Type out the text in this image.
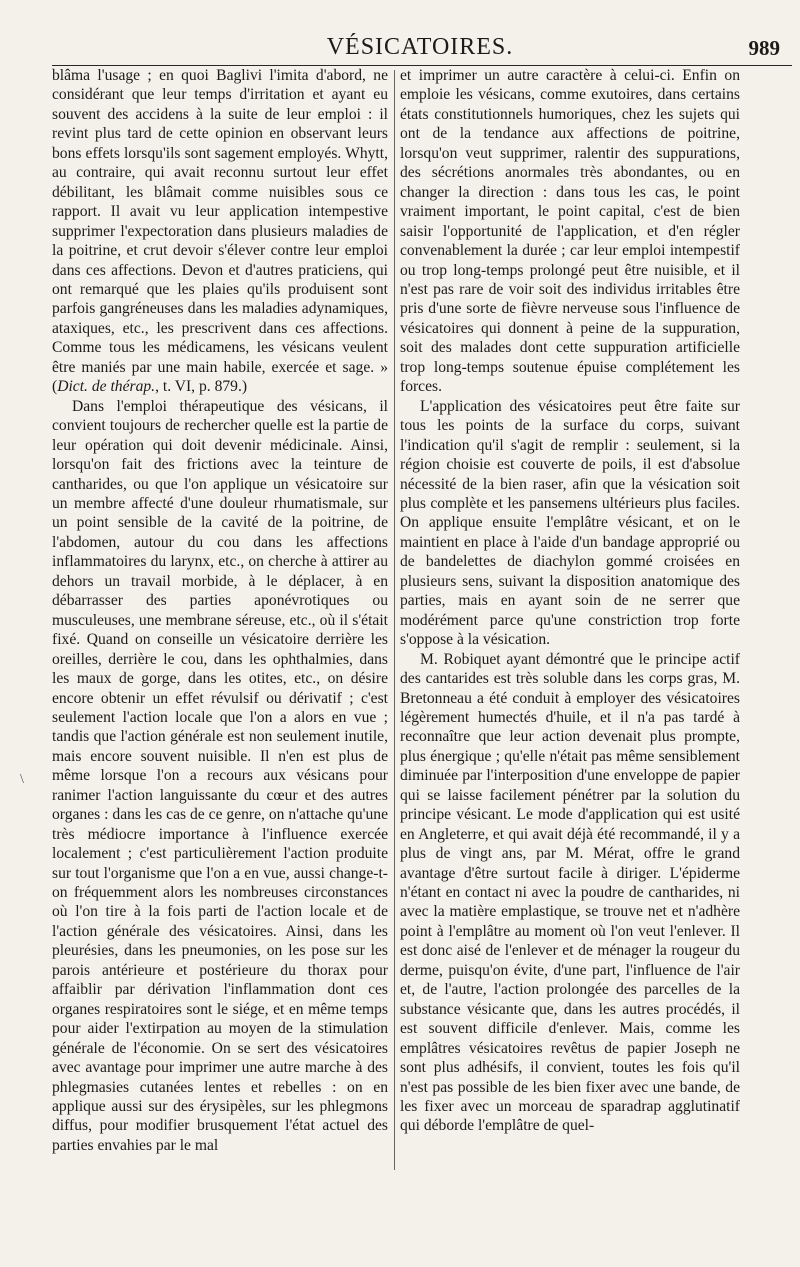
VÉSICATOIRES.	989

blâma l'usage ; en quoi Baglivi l'imita d'abord, ne considérant que leur temps d'irritation et ayant eu souvent des accidens à la suite de leur emploi : il revint plus tard de cette opinion en observant leurs bons effets lorsqu'ils sont sagement employés. Whytt, au contraire, qui avait reconnu surtout leur effet débilitant, les blâmait comme nuisibles sous ce rapport. Il avait vu leur application intempestive supprimer l'expectoration dans plusieurs maladies de la poitrine, et crut devoir s'élever contre leur emploi dans ces affections. Devon et d'autres praticiens, qui ont remarqué que les plaies qu'ils produisent sont parfois gangréneuses dans les maladies adynamiques, ataxiques, etc., les prescrivent dans ces affections. Comme tous les médicamens, les vésicans veulent être maniés par une main habile, exercée et sage. » (Dict. de thérap., t. VI, p. 879.)

Dans l'emploi thérapeutique des vésicans, il convient toujours de rechercher quelle est la partie de leur opération qui doit devenir médicinale. Ainsi, lorsqu'on fait des frictions avec la teinture de cantharides, ou que l'on applique un vésicatoire sur un membre affecté d'une douleur rhumatismale, sur un point sensible de la cavité de la poitrine, de l'abdomen, autour du cou dans les affections inflammatoires du larynx, etc., on cherche à attirer au dehors un travail morbide, à le déplacer, à en débarrasser des parties aponévrotiques ou musculeuses, une membrane séreuse, etc., où il s'était fixé. Quand on conseille un vésicatoire derrière les oreilles, derrière le cou, dans les ophthalmies, dans les maux de gorge, dans les otites, etc., on désire encore obtenir un effet révulsif ou dérivatif ; c'est seulement l'action locale que l'on a alors en vue ; tandis que l'action générale est non seulement inutile, mais encore souvent nuisible. Il n'en est plus de même lorsque l'on a recours aux vésicans pour ranimer l'action languissante du cœur et des autres organes : dans les cas de ce genre, on n'attache qu'une très médiocre importance à l'influence exercée localement ; c'est particulièrement l'action produite sur tout l'organisme que l'on a en vue, aussi change-t-on fréquemment alors les nombreuses circonstances où l'on tire à la fois parti de l'action locale et de l'action générale des vésicatoires. Ainsi, dans les pleurésies, dans les pneumonies, on les pose sur les parois antérieure et postérieure du thorax pour affaiblir par dérivation l'inflammation dont ces organes respiratoires sont le siége, et en même temps pour aider l'extirpation au moyen de la stimulation générale de l'économie. On se sert des vésicatoires avec avantage pour imprimer une autre marche à des phlegmasies cutanées lentes et rebelles : on en applique aussi sur des érysipèles, sur les phlegmons diffus, pour modifier brusquement l'état actuel des parties envahies par le mal

et imprimer un autre caractère à celui-ci. Enfin on emploie les vésicans, comme exutoires, dans certains états constitutionnels humoriques, chez les sujets qui ont de la tendance aux affections de poitrine, lorsqu'on veut supprimer, ralentir des suppurations, des sécrétions anormales très abondantes, ou en changer la direction : dans tous les cas, le point vraiment important, le point capital, c'est de bien saisir l'opportunité de l'application, et d'en régler convenablement la durée ; car leur emploi intempestif ou trop long-temps prolongé peut être nuisible, et il n'est pas rare de voir soit des individus irritables être pris d'une sorte de fièvre nerveuse sous l'influence de vésicatoires qui donnent à peine de la suppuration, soit des malades dont cette suppuration artificielle trop long-temps soutenue épuise complétement les forces.

L'application des vésicatoires peut être faite sur tous les points de la surface du corps, suivant l'indication qu'il s'agit de remplir : seulement, si la région choisie est couverte de poils, il est d'absolue nécessité de la bien raser, afin que la vésication soit plus complète et les pansemens ultérieurs plus faciles. On applique ensuite l'emplâtre vésicant, et on le maintient en place à l'aide d'un bandage approprié ou de bandelettes de diachylon gommé croisées en plusieurs sens, suivant la disposition anatomique des parties, mais en ayant soin de ne serrer que modérément parce qu'une constriction trop forte s'oppose à la vésication.

M. Robiquet ayant démontré que le principe actif des cantarides est très soluble dans les corps gras, M. Bretonneau a été conduit à employer des vésicatoires légèrement humectés d'huile, et il n'a pas tardé à reconnaître que leur action devenait plus prompte, plus énergique ; qu'elle n'était pas même sensiblement diminuée par l'interposition d'une enveloppe de papier qui se laisse facilement pénétrer par la solution du principe vésicant. Le mode d'application qui est usité en Angleterre, et qui avait déjà été recommandé, il y a plus de vingt ans, par M. Mérat, offre le grand avantage d'être surtout facile à diriger. L'épiderme n'étant en contact ni avec la poudre de cantharides, ni avec la matière emplastique, se trouve net et n'adhère point à l'emplâtre au moment où l'on veut l'enlever. Il est donc aisé de l'enlever et de ménager la rougeur du derme, puisqu'on évite, d'une part, l'influence de l'air et, de l'autre, l'action prolongée des parcelles de la substance vésicante que, dans les autres procédés, il est souvent difficile d'enlever. Mais, comme les emplâtres vésicatoires revêtus de papier Joseph ne sont plus adhésifs, il convient, toutes les fois qu'il n'est pas possible de les bien fixer avec une bande, de les fixer avec un morceau de sparadrap agglutinatif qui déborde l'emplâtre de quel-

\
